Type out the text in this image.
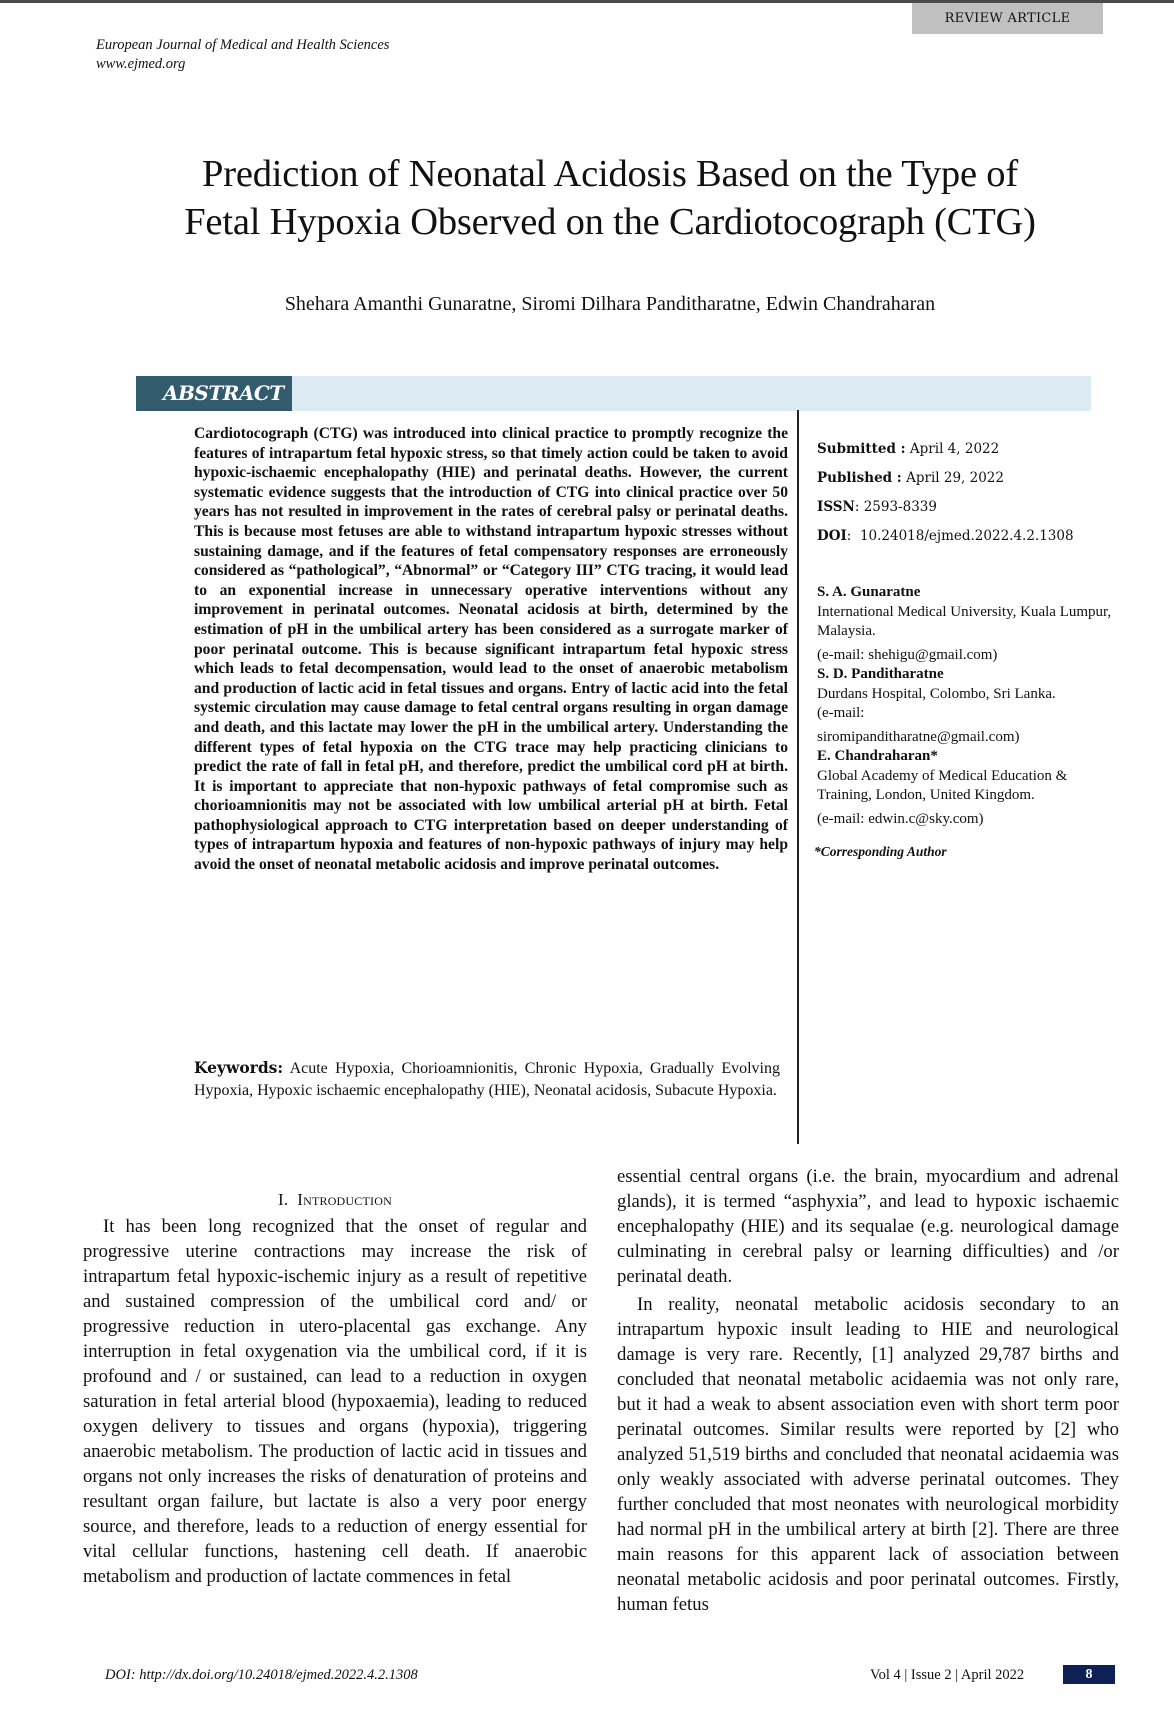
REVIEW ARTICLE
European Journal of Medical and Health Sciences
www.ejmed.org
Prediction of Neonatal Acidosis Based on the Type of
Fetal Hypoxia Observed on the Cardiotocograph (CTG)
Shehara Amanthi Gunaratne, Siromi Dilhara Panditharatne, Edwin Chandraharan
ABSTRACT
Cardiotocograph (CTG) was introduced into clinical practice to promptly recognize the features of intrapartum fetal hypoxic stress, so that timely action could be taken to avoid hypoxic-ischaemic encephalopathy (HIE) and perinatal deaths. However, the current systematic evidence suggests that the introduction of CTG into clinical practice over 50 years has not resulted in improvement in the rates of cerebral palsy or perinatal deaths. This is because most fetuses are able to withstand intrapartum hypoxic stresses without sustaining damage, and if the features of fetal compensatory responses are erroneously considered as “pathological”, “Abnormal” or “Category III” CTG tracing, it would lead to an exponential increase in unnecessary operative interventions without any improvement in perinatal outcomes. Neonatal acidosis at birth, determined by the estimation of pH in the umbilical artery has been considered as a surrogate marker of poor perinatal outcome. This is because significant intrapartum fetal hypoxic stress which leads to fetal decompensation, would lead to the onset of anaerobic metabolism and production of lactic acid in fetal tissues and organs. Entry of lactic acid into the fetal systemic circulation may cause damage to fetal central organs resulting in organ damage and death, and this lactate may lower the pH in the umbilical artery. Understanding the different types of fetal hypoxia on the CTG trace may help practicing clinicians to predict the rate of fall in fetal pH, and therefore, predict the umbilical cord pH at birth. It is important to appreciate that non-hypoxic pathways of fetal compromise such as chorioamnionitis may not be associated with low umbilical arterial pH at birth. Fetal pathophysiological approach to CTG interpretation based on deeper understanding of types of intrapartum hypoxia and features of non-hypoxic pathways of injury may help avoid the onset of neonatal metabolic acidosis and improve perinatal outcomes.
Keywords: Acute Hypoxia, Chorioamnionitis, Chronic Hypoxia, Gradually Evolving Hypoxia, Hypoxic ischaemic encephalopathy (HIE), Neonatal acidosis, Subacute Hypoxia.
Submitted : April 4, 2022
Published : April 29, 2022
ISSN: 2593-8339
DOI:  10.24018/ejmed.2022.4.2.1308
S. A. Gunaratne
International Medical University, Kuala Lumpur, Malaysia.
(e-mail: shehigu@gmail.com)
S. D. Panditharatne
Durdans Hospital, Colombo, Sri Lanka.
(e-mail:
siromipanditharatne@gmail.com)
E. Chandraharan*
Global Academy of Medical Education & Training, London, United Kingdom.
(e-mail: edwin.c@sky.com)
*Corresponding Author
I. Introduction

It has been long recognized that the onset of regular and progressive uterine contractions may increase the risk of intrapartum fetal hypoxic-ischemic injury as a result of repetitive and sustained compression of the umbilical cord and/ or progressive reduction in utero-placental gas exchange. Any interruption in fetal oxygenation via the umbilical cord, if it is profound and / or sustained, can lead to a reduction in oxygen saturation in fetal arterial blood (hypoxaemia), leading to reduced oxygen delivery to tissues and organs (hypoxia), triggering anaerobic metabolism. The production of lactic acid in tissues and organs not only increases the risks of denaturation of proteins and resultant organ failure, but lactate is also a very poor energy source, and therefore, leads to a reduction of energy essential for vital cellular functions, hastening cell death. If anaerobic metabolism and production of lactate commences in fetal

essential central organs (i.e. the brain, myocardium and adrenal glands), it is termed “asphyxia”, and lead to hypoxic ischaemic encephalopathy (HIE) and its sequalae (e.g. neurological damage culminating in cerebral palsy or learning difficulties) and /or perinatal death.

In reality, neonatal metabolic acidosis secondary to an intrapartum hypoxic insult leading to HIE and neurological damage is very rare. Recently, [1] analyzed 29,787 births and concluded that neonatal metabolic acidaemia was not only rare, but it had a weak to absent association even with short term poor perinatal outcomes. Similar results were reported by [2] who analyzed 51,519 births and concluded that neonatal acidaemia was only weakly associated with adverse perinatal outcomes. They further concluded that most neonates with neurological morbidity had normal pH in the umbilical artery at birth [2]. There are three main reasons for this apparent lack of association between neonatal metabolic acidosis and poor perinatal outcomes. Firstly, human fetus

DOI: http://dx.doi.org/10.24018/ejmed.2022.4.2.1308	Vol 4 | Issue 2 | April 2022	8
